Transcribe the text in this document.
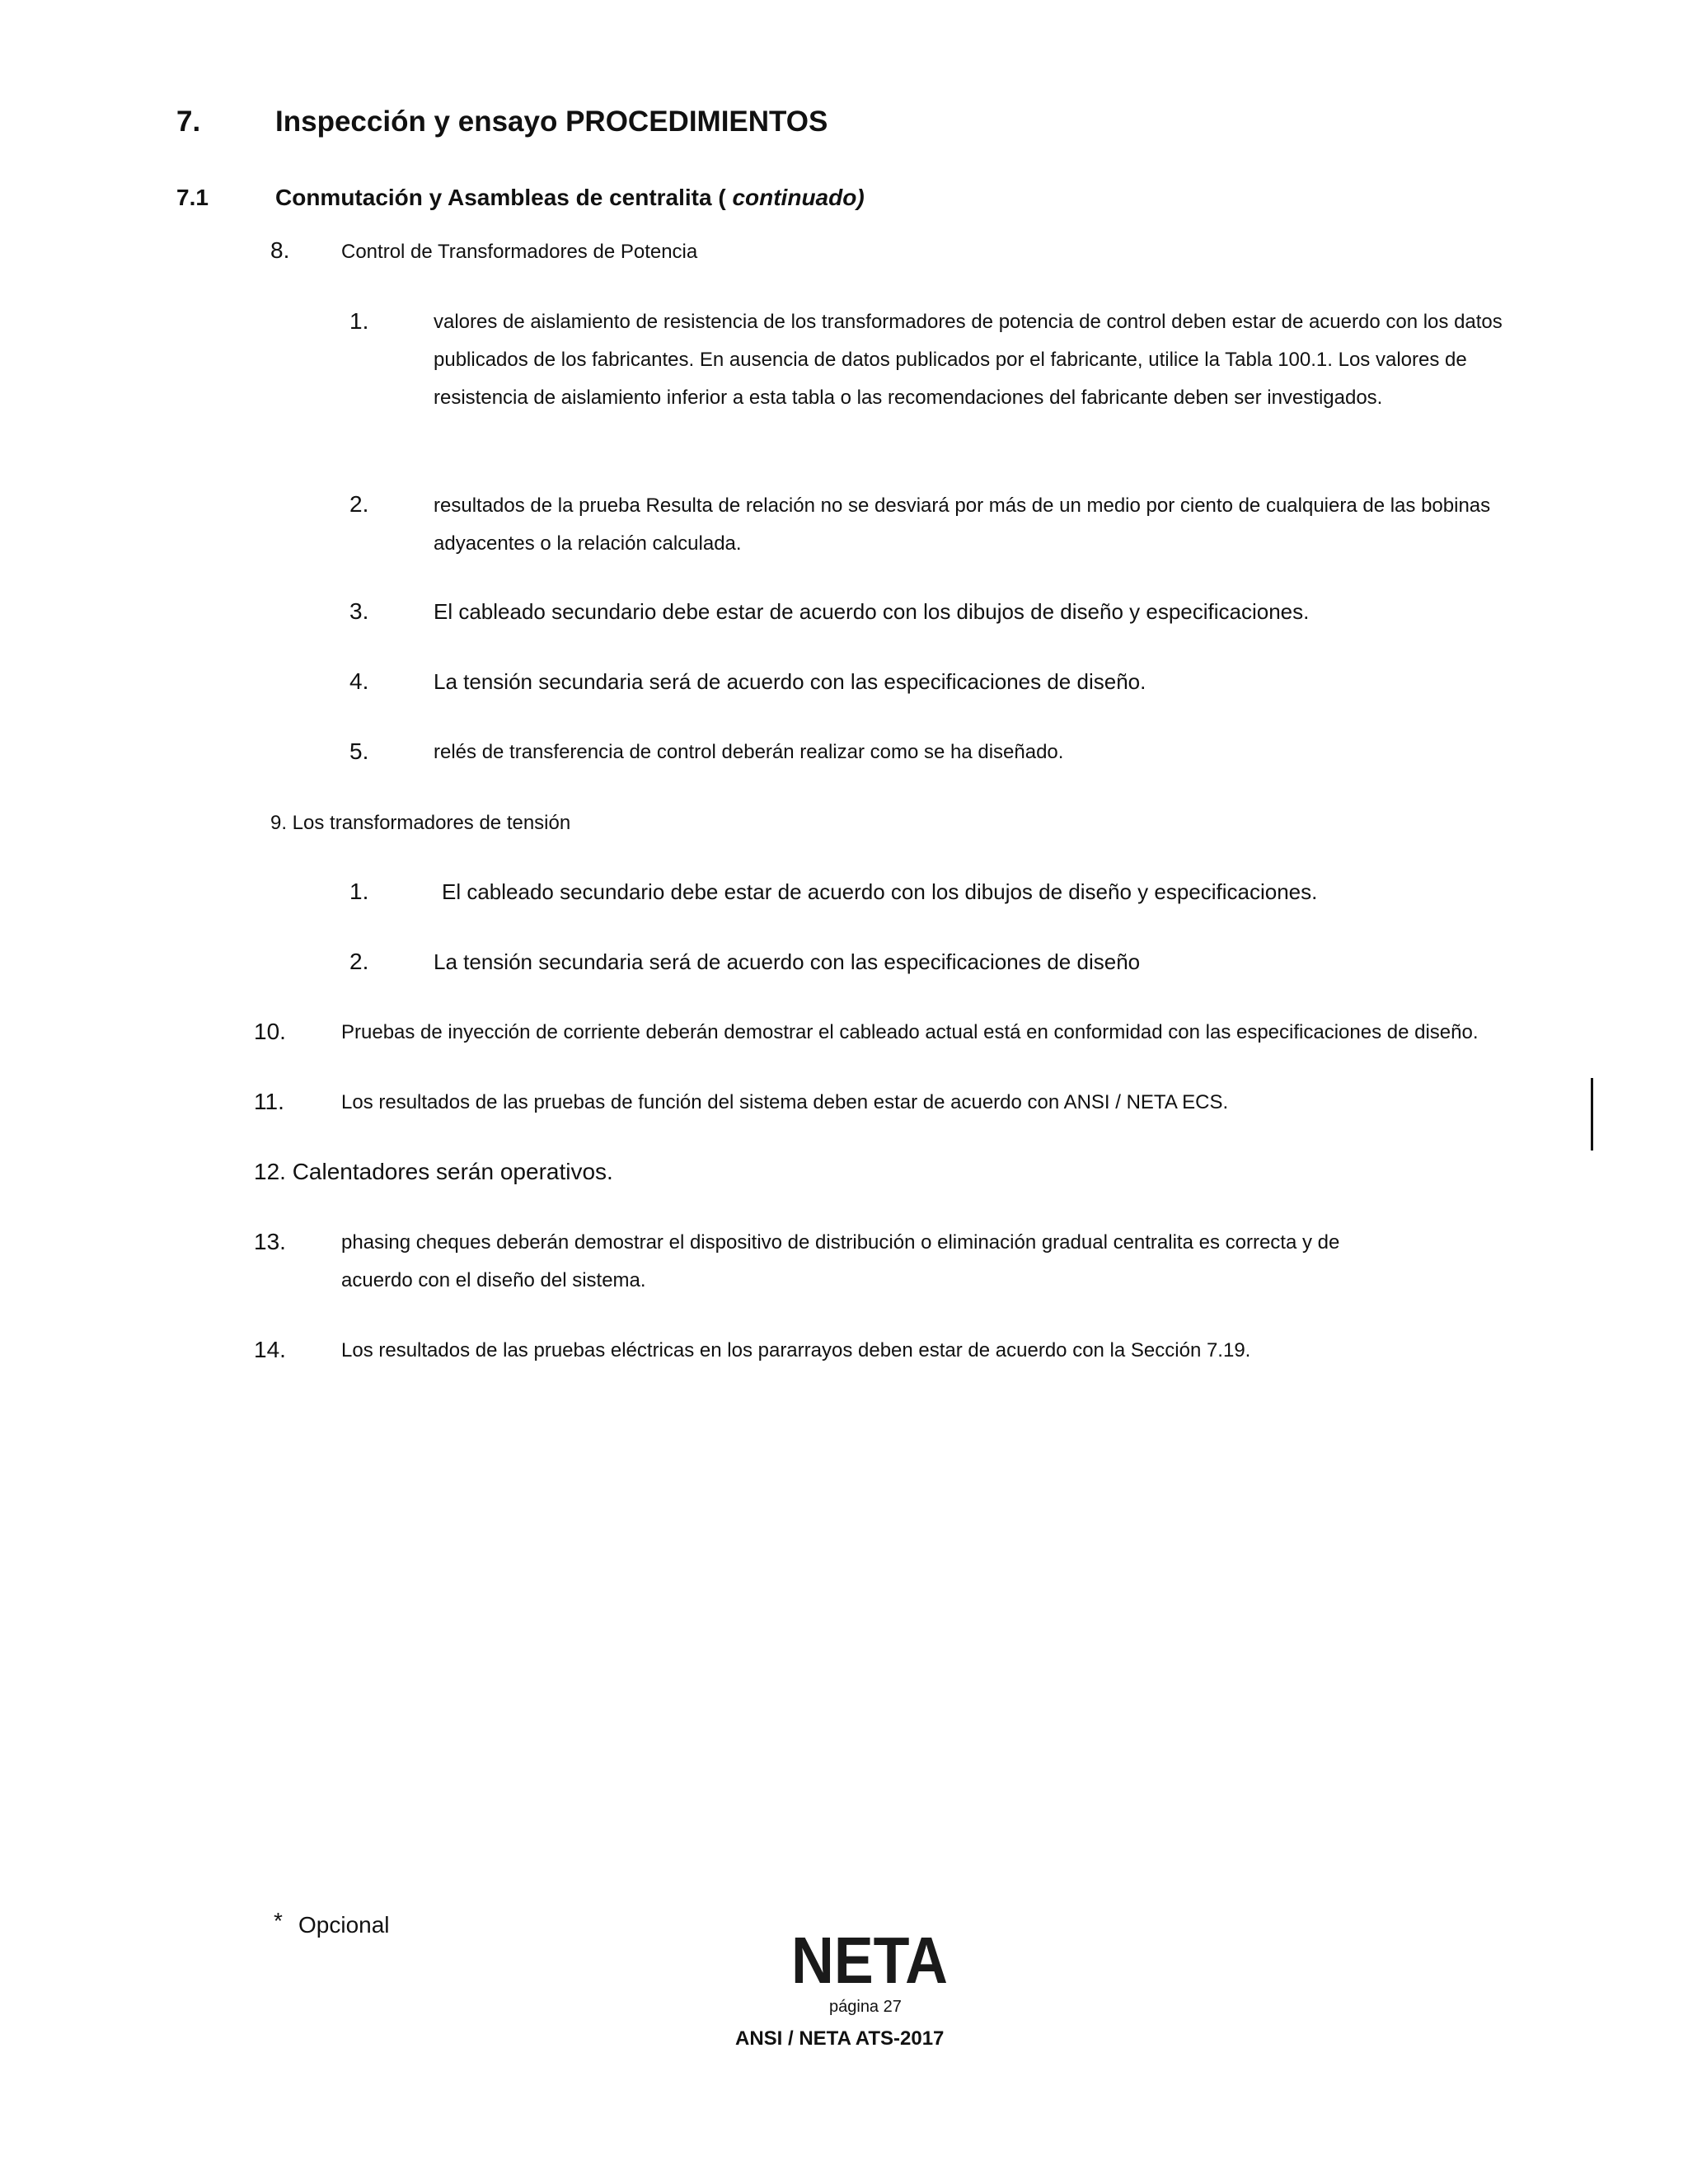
7.	Inspección y ensayo PROCEDIMIENTOS
7.1	Conmutación y Asambleas de centralita ( continuado)
8.	Control de Transformadores de Potencia
1.	valores de aislamiento de resistencia de los transformadores de potencia de control deben estar de acuerdo con los datos publicados de los fabricantes. En ausencia de datos publicados por el fabricante, utilice la Tabla 100.1. Los valores de resistencia de aislamiento inferior a esta tabla o las recomendaciones del fabricante deben ser investigados.
2.	resultados de la prueba Resulta de relación no se desviará por más de un medio por ciento de cualquiera de las bobinas adyacentes o la relación calculada.
3.	El cableado secundario debe estar de acuerdo con los dibujos de diseño y especificaciones.
4.	La tensión secundaria será de acuerdo con las especificaciones de diseño.
5.	relés de transferencia de control deberán realizar como se ha diseñado.
9. Los transformadores de tensión
1.	El cableado secundario debe estar de acuerdo con los dibujos de diseño y especificaciones.
2.	La tensión secundaria será de acuerdo con las especificaciones de diseño
10.	Pruebas de inyección de corriente deberán demostrar el cableado actual está en conformidad con las especificaciones de diseño.
11.	Los resultados de las pruebas de función del sistema deben estar de acuerdo con ANSI / NETA ECS.
12. Calentadores serán operativos.
13.	phasing cheques deberán demostrar el dispositivo de distribución o eliminación gradual centralita es correcta y de acuerdo con el diseño del sistema.
14.	Los resultados de las pruebas eléctricas en los pararrayos deben estar de acuerdo con la Sección 7.19.
* Opcional	NETA
página 27
ANSI / NETA ATS-2017
